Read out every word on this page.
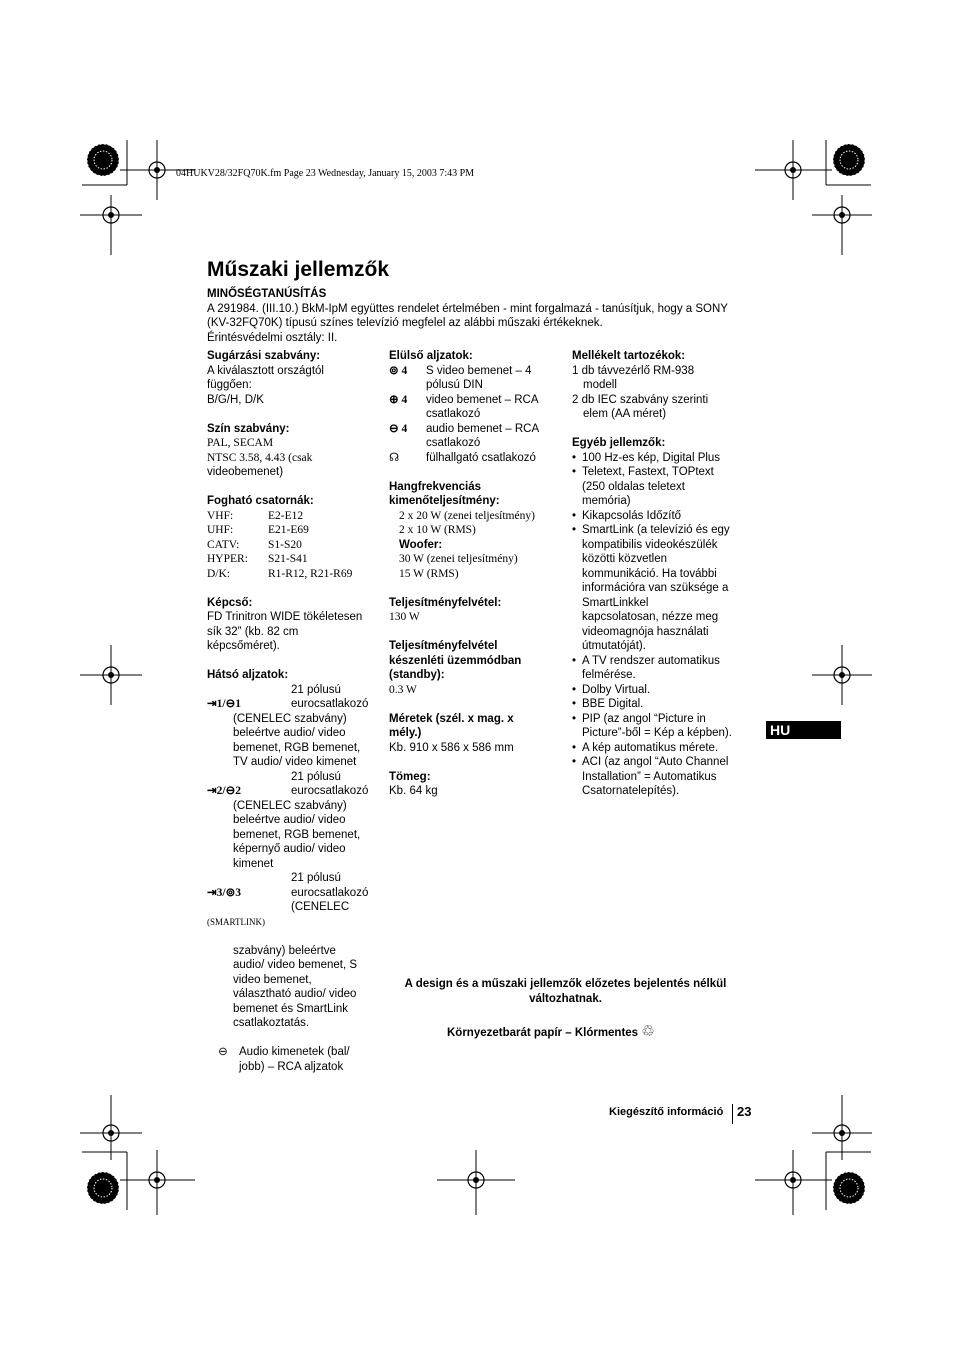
04HUKV28/32FQ70K.fm Page 23 Wednesday, January 15, 2003 7:43 PM
Műszaki jellemzők
MINŐSÉGTANÚSÍTÁS
A 291984. (III.10.) BkM-IpM együttes rendelet értelmében - mint forgalmazá - tanúsítjuk, hogy a SONY
(KV-32FQ70K) típusú színes televízió megfelel az alábbi műszaki értékeknek.
Érintésvédelmi osztály: II.
Sugárzási szabvány:
A kiválasztott országtól
függően:
B/G/H, D/K
Szín szabvány:
PAL, SECAM
NTSC 3.58, 4.43 (csak
videobemenet)
Fogható csatornák:
VHF:	E2-E12
UHF:	E21-E69
CATV:	S1-S20
HYPER:	S21-S41
D/K:	R1-R12, R21-R69
Képcső:
FD Trinitron WIDE tökéletesen
sík 32” (kb. 82 cm
képcsőméret).
Hátsó aljzatok:

⇥1/⊖1

21 pólusú
eurocsatlakozó
(CENELEC szabvány)
beleértve audio/ video
bemenet, RGB bemenet,
TV audio/ video kimenet

⇥2/⊖2

21 pólusú
eurocsatlakozó
(CENELEC szabvány)
beleértve audio/ video
bemenet, RGB bemenet,
képernyő audio/ video
kimenet

⇥3/⊚3

(SMARTLINK)

21 pólusú
eurocsatlakozó
(CENELEC
szabvány) beleértve
audio/ video bemenet, S
video bemenet,
választható audio/ video
bemenet és SmartLink
csatlakoztatás.
⊖ Audio kimenetek (bal/
jobb) – RCA aljzatok
Elülső aljzatok:
⊚ 4	S video bemenet – 4
pólusú DIN
⊕ 4	video bemenet – RCA
csatlakozó
⊖ 4	audio bemenet – RCA
csatlakozó
☊	fülhallgató csatlakozó
Hangfrekvenciás
kimenőteljesítmény:
2 x 20 W (zenei teljesítmény)
2 x 10 W (RMS)
Woofer:
30 W (zenei teljesítmény)
15 W (RMS)
Teljesítményfelvétel:
130 W
Teljesítményfelvétel
készenléti üzemmódban
(standby):
0.3 W
Méretek (szél. x mag. x
mély.)
Kb. 910 x 586 x 586 mm
Tömeg:
Kb. 64 kg
Mellékelt tartozékok:
1 db távvezérlő RM-938
modell
2 db IEC szabvány szerinti
elem (AA méret)
Egyéb jellemzők:
• 100 Hz-es kép, Digital Plus
• Teletext, Fastext, TOPtext
(250 oldalas teletext
memória)
• Kikapcsolás Időzítő
• SmartLink (a televízió és egy
kompatibilis videokészülék
közötti közvetlen
kommunikáció. Ha további
információra van szüksége a
SmartLinkkel
kapcsolatosan, nézze meg
videomagnója használati
útmutatóját).
• A TV rendszer automatikus
felmérése.
• Dolby Virtual.
• BBE Digital.
• PIP (az angol “Picture in
Picture”-ből = Kép a képben).
• A kép automatikus mérete.
• ACI (az angol “Auto Channel
Installation” = Automatikus
Csatornatelepítés).
HU
A design és a műszaki jellemzők előzetes bejelentés nélkül
változhatnak.
Környezetbarát papír – Klórmentes ♲
Kiegészítő információ 23
